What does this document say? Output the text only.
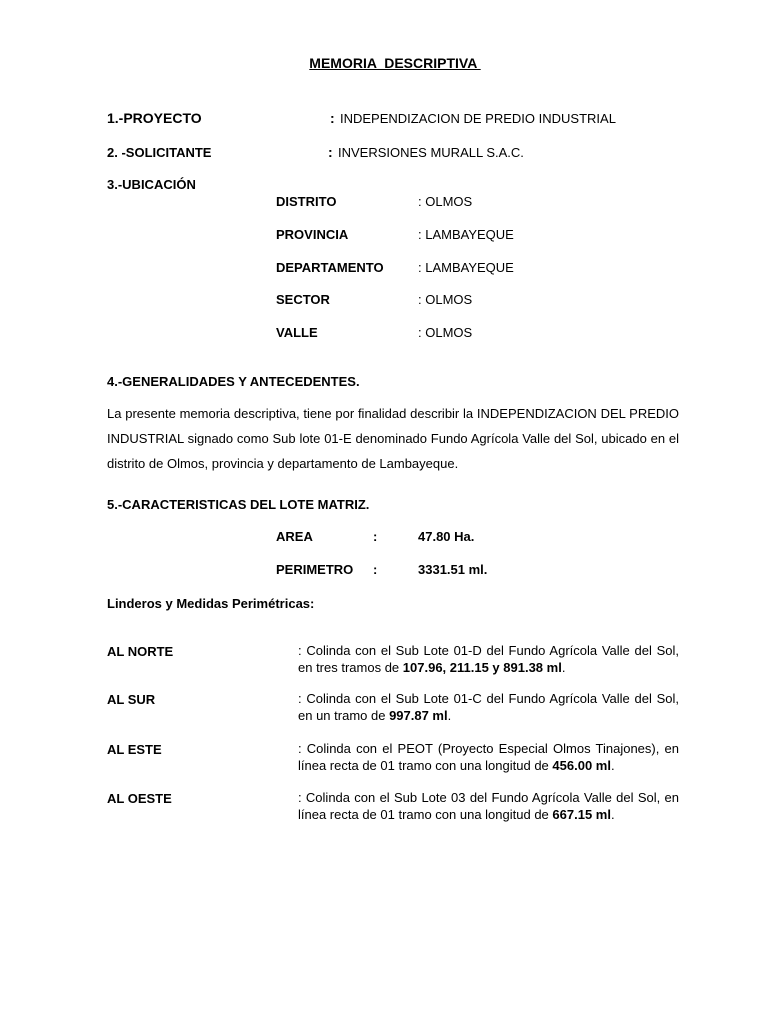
MEMORIA  DESCRIPTIVA
1.-PROYECTO	: INDEPENDIZACION DE PREDIO INDUSTRIAL
2. -SOLICITANTE	: INVERSIONES MURALL S.A.C.
3.-UBICACIÓN
DISTRITO	: OLMOS
PROVINCIA	: LAMBAYEQUE
DEPARTAMENTO	: LAMBAYEQUE
SECTOR	: OLMOS
VALLE	: OLMOS
4.-GENERALIDADES Y ANTECEDENTES.
La presente memoria descriptiva, tiene por finalidad describir la INDEPENDIZACION DEL PREDIO INDUSTRIAL signado como Sub lote 01-E denominado Fundo Agrícola Valle del Sol, ubicado en el distrito de Olmos, provincia y departamento de Lambayeque.
5.-CARACTERISTICAS DEL LOTE MATRIZ.
AREA	:	47.80 Ha.
PERIMETRO :	3331.51 ml.
Linderos y Medidas Perimétricas:
AL NORTE	: Colinda con el Sub Lote 01-D del Fundo Agrícola Valle del Sol, en tres tramos de 107.96, 211.15 y 891.38 ml.
AL SUR	: Colinda con el Sub Lote 01-C del Fundo Agrícola Valle del Sol, en un tramo de 997.87 ml.
AL ESTE	: Colinda con el PEOT (Proyecto Especial Olmos Tinajones), en línea recta de 01 tramo con una longitud de 456.00 ml.
AL OESTE	: Colinda con el Sub Lote 03 del Fundo Agrícola Valle del Sol, en línea recta de 01 tramo con una longitud de 667.15 ml.
